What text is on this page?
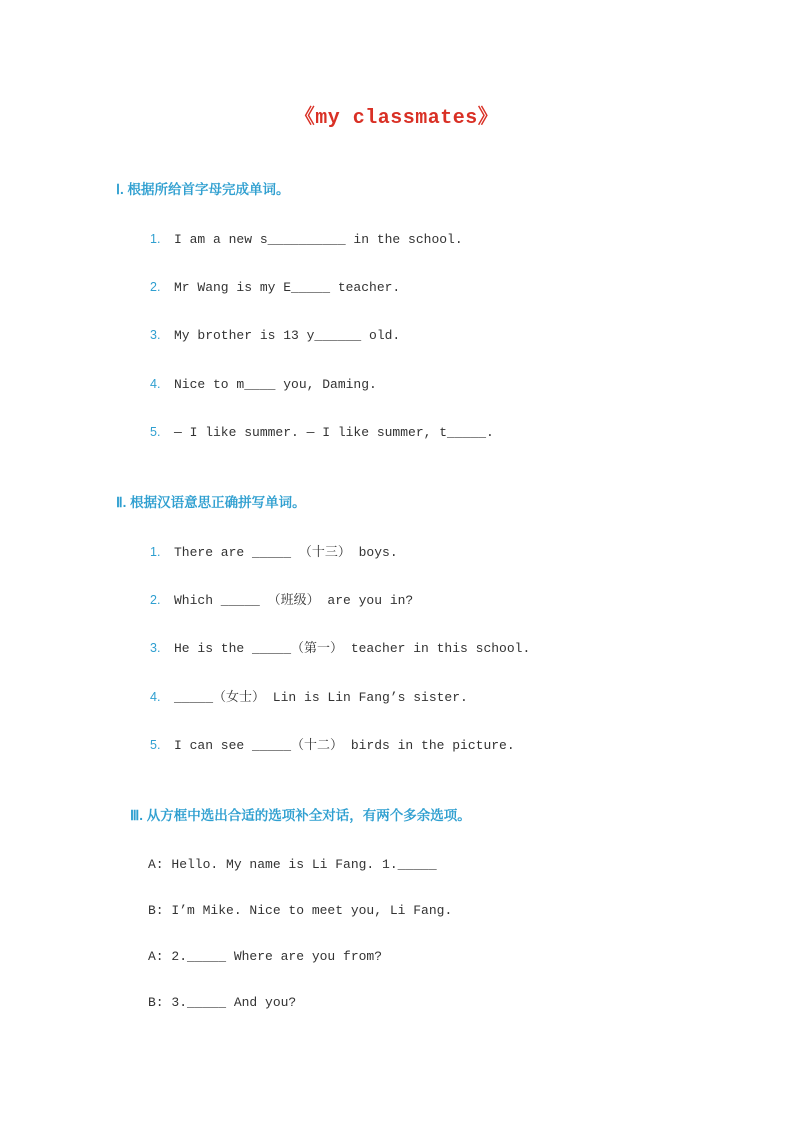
《my classmates》
Ⅰ. 根据所给首字母完成单词。
1.	I am a new s__________ in the school.
2.	Mr Wang is my E_____ teacher.
3.	My brother is 13 y______ old.
4.	Nice to m____ you, Daming.
5.	— I like summer. — I like summer, t_____.
Ⅱ. 根据汉语意思正确拼写单词。
1.	There are _____ （十三） boys.
2.	Which _____ （班级） are you in?
3.	He is the _____（第一） teacher in this school.
4.	_____（女士） Lin is Lin Fang’s sister.
5.	I can see _____（十二） birds in the picture.
Ⅲ. 从方框中选出合适的选项补全对话，有两个多余选项。
A: Hello. My name is Li Fang. 1._____
B: I’m Mike. Nice to meet you, Li Fang.
A: 2._____ Where are you from?
B: 3._____ And you?
